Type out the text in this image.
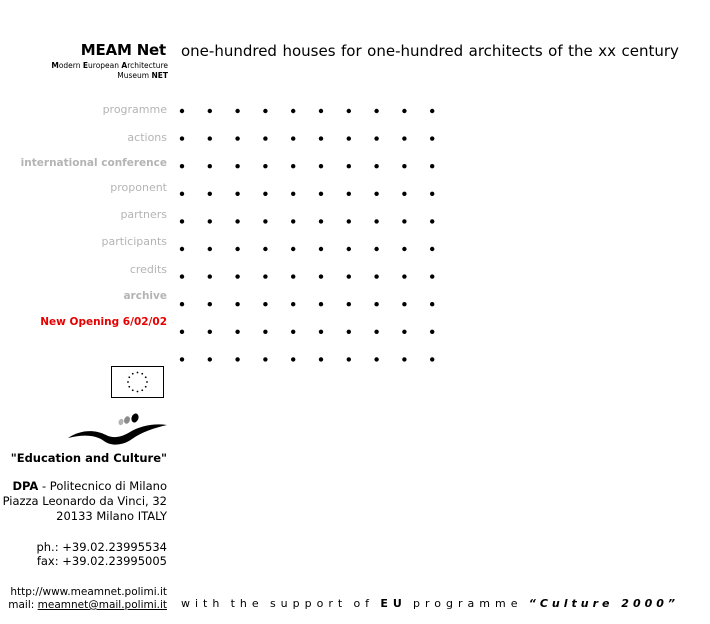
MEAM Net
Modern European Architecture
Museum NET
one-hundred houses for one-hundred architects of the xx century
programme
actions
international conference
proponent
partners
participants
credits
archive
New Opening 6/02/02
"Education and Culture"
DPA - Politecnico di Milano
Piazza Leonardo da Vinci, 32
20133 Milano ITALY
ph.: +39.02.23995534
fax: +39.02.23995005
http://www.meamnet.polimi.it
mail: meamnet@mail.polimi.it with the support of EU programme “Culture 2000”
